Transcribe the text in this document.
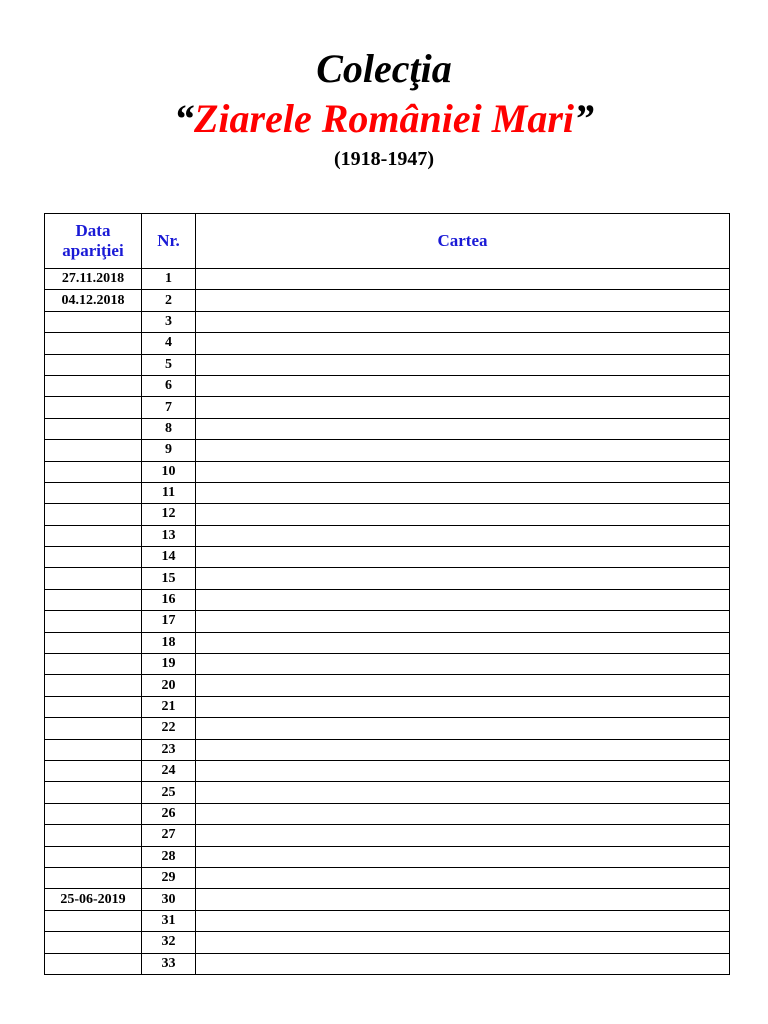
Colecţia

“Ziarele României Mari”

(1918-1947)
Data apariţiei	Nr.	Cartea
27.11.2018	1	
04.12.2018	2	
	3	
	4	
	5	
	6	
	7	
	8	
	9	
	10	
	11	
	12	
	13	
	14	
	15	
	16	
	17	
	18	
	19	
	20	
	21	
	22	
	23	
	24	
	25	
	26	
	27	
	28	
	29	
25-06-2019	30	
	31	
	32	
	33	
